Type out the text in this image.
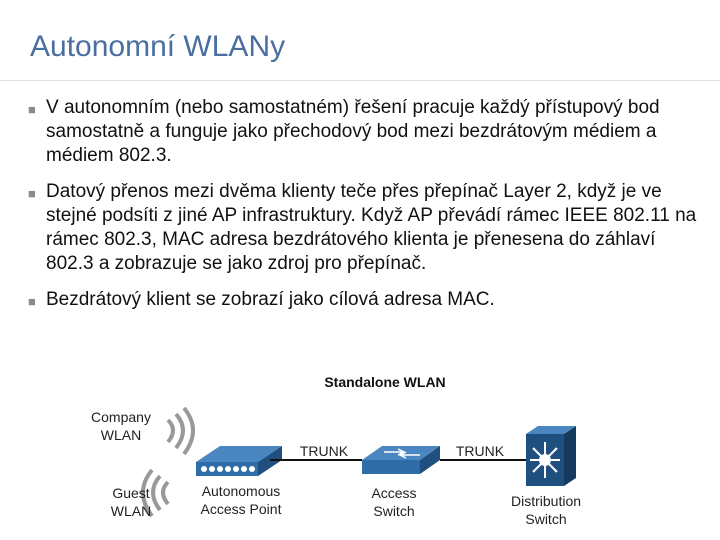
Autonomní WLANy
■ V autonomním (nebo samostatném) řešení pracuje každý přístupový bod samostatně a funguje jako přechodový bod mezi bezdrátovým médiem a médiem 802.3.
■ Datový přenos mezi dvěma klienty teče přes přepínač Layer 2, když je ve stejné podsíti z jiné AP infrastruktury. Když AP převádí rámec IEEE 802.11 na rámec 802.3, MAC adresa bezdrátového klienta je přenesena do záhlaví 802.3 a zobrazuje se jako zdroj pro přepínač.
■ Bezdrátový klient se zobrazí jako cílová adresa MAC.
Standalone WLAN
Company
WLAN
Guest
WLAN
Autonomous
Access Point
TRUNK
Access
Switch
TRUNK
Distribution
Switch
